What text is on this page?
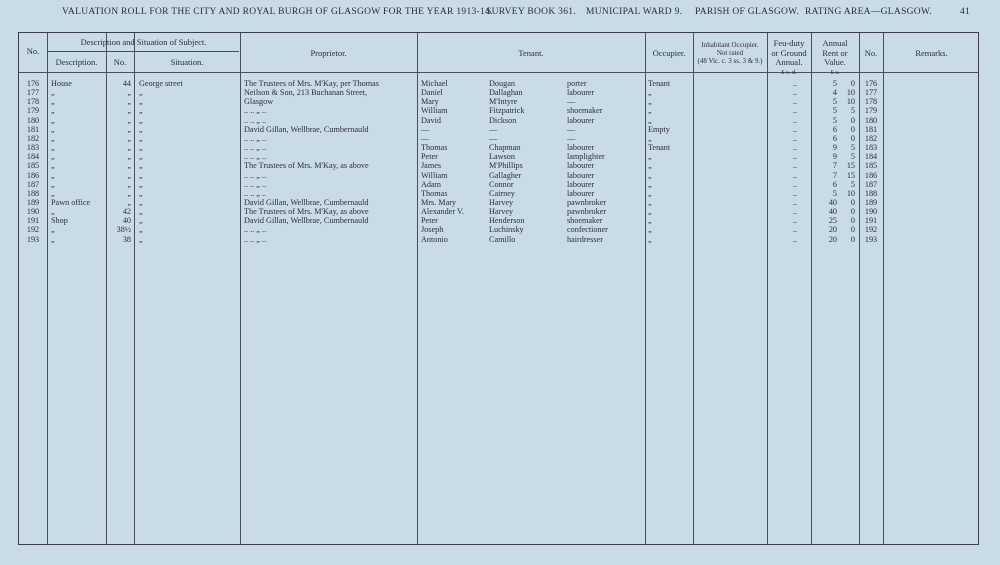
VALUATION ROLL FOR THE CITY AND ROYAL BURGH OF GLASGOW FOR THE YEAR 1913-14.
SURVEY BOOK 361. MUNICIPAL WARD 9. PARISH OF GLASGOW. RATING AREA—GLASGOW.	41
No.
Description and Situation of Subject.
Description.	No.	Situation.
Proprietor.	Tenant.	Occupier.
Inhabitant Occupier.
Not rated
(48 Vic. c. 3 ss. 3 & 9.)
Feu-duty
or Ground
Annual.
£ s. d.
Annual
Rent or
Value.
£ s.
No.	Remarks.
176	House	44 George street	The Trustees of Mrs. M'Kay, per Thomas	Michael	Dougan	porter	Tenant	..	5	0	176
177	„	„ „	Neilson & Son, 213 Buchanan Street,	Daniel	Dallaghan	labourer	„	..	4	10	177
178	„	„ „	Glasgow	Mary	M'Intyre	—	„	..	5	10	178
179	„	„ „	.. .. „ ..	William	Fitzpatrick	shoemaker	„	..	5	5	179
180	„	„ „	.. .. „ ..	David	Dickson	labourer	„	..	5	0	180
181	„	„ „	David Gillan, Wellbrae, Cumbernauld	—	—	—	Empty	..	6	0	181
182	„	„ „	.. .. „ ..	—	—	—	„	..	6	0	182
183	„	„ „	.. .. „ ..	Thomas	Chapman	labourer	Tenant	..	9	5	183
184	„	„ „	.. .. „ ..	Peter	Lawson	lamplighter	„	..	9	5	184
185	„	„ „	The Trustees of Mrs. M'Kay, as above	James	M'Phillips	labourer	„	..	7	15	185
186	„	„ „	.. .. „ ..	William	Gallagher	labourer	„	..	7	15	186
187	„	„ „	.. .. „ ..	Adam	Connor	labourer	„	..	6	5	187
188	„	„ „	.. .. „ ..	Thomas	Cairney	labourer	„	..	5	10	188
189	Pawn office	„ „	David Gillan, Wellbrae, Cumbernauld	Mrs. Mary	Harvey	pawnbroker	„	..	40	0	189
190	„	42 „	The Trustees of Mrs. M'Kay, as above	Alexander V.	Harvey	pawnbroker	„	..	40	0	190
191	Shop	40 „	David Gillan, Wellbrae, Cumbernauld	Peter	Henderson	shoemaker	„	..	25	0	191
192	„	38½ „	.. .. „ ..	Joseph	Luchinsky	confectioner	„	..	20	0	192
193	„	38 „	.. .. „ ..	Antonio	Camillo	hairdresser	„	..	20	0	193
